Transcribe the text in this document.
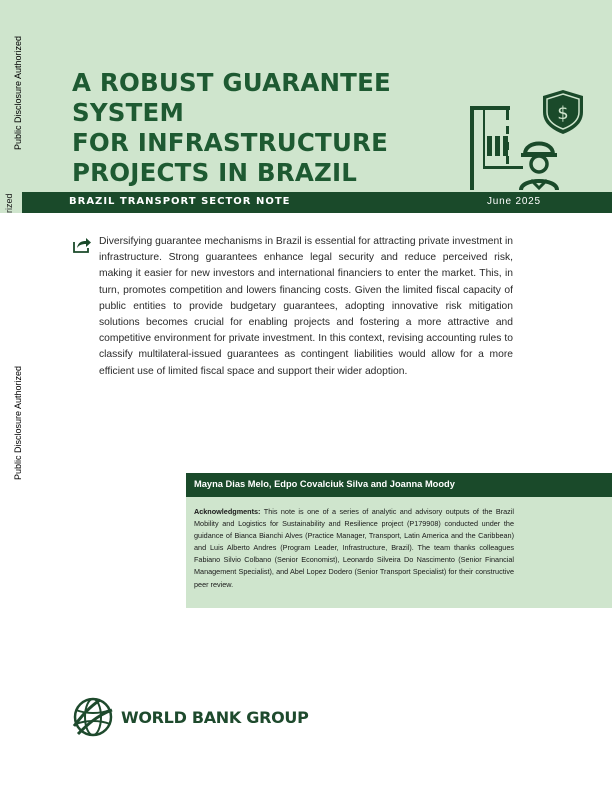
Public Disclosure Authorized
Public Disclosure Authorized
A ROBUST GUARANTEE SYSTEM
FOR INFRASTRUCTURE
PROJECTS IN BRAZIL
$
rized	BRAZIL TRANSPORT SECTOR NOTE	June 2025

Diversifying guarantee mechanisms in Brazil is essential for attracting private investment in infrastructure. Strong guarantees enhance legal security and reduce perceived risk, making it easier for new investors and international financiers to enter the market. This, in turn, promotes competition and lowers financing costs. Given the limited fiscal capacity of public entities to provide budgetary guarantees, adopting innovative risk mitigation solutions becomes crucial for enabling projects and fostering a more attractive and competitive environment for private investment. In this context, revising accounting rules to classify multilateral-issued guarantees as contingent liabilities would allow for a more efficient use of limited fiscal space and support their wider adoption.

Mayna Dias Melo, Edpo Covalciuk Silva and Joanna Moody

Acknowledgments: This note is one of a series of analytic and advisory outputs of the Brazil Mobility and Logistics for Sustainability and Resilience project (P179908) conducted under the guidance of Bianca Bianchi Alves (Practice Manager, Transport, Latin America and the Caribbean) and Luis Alberto Andres (Program Leader, Infrastructure, Brazil). The team thanks colleagues Fabiano Silvio Colbano (Senior Economist), Leonardo Silveira Do Nascimento (Senior Financial Management Specialist), and Abel Lopez Dodero (Senior Transport Specialist) for their constructive peer review.

WORLD BANK GROUP
